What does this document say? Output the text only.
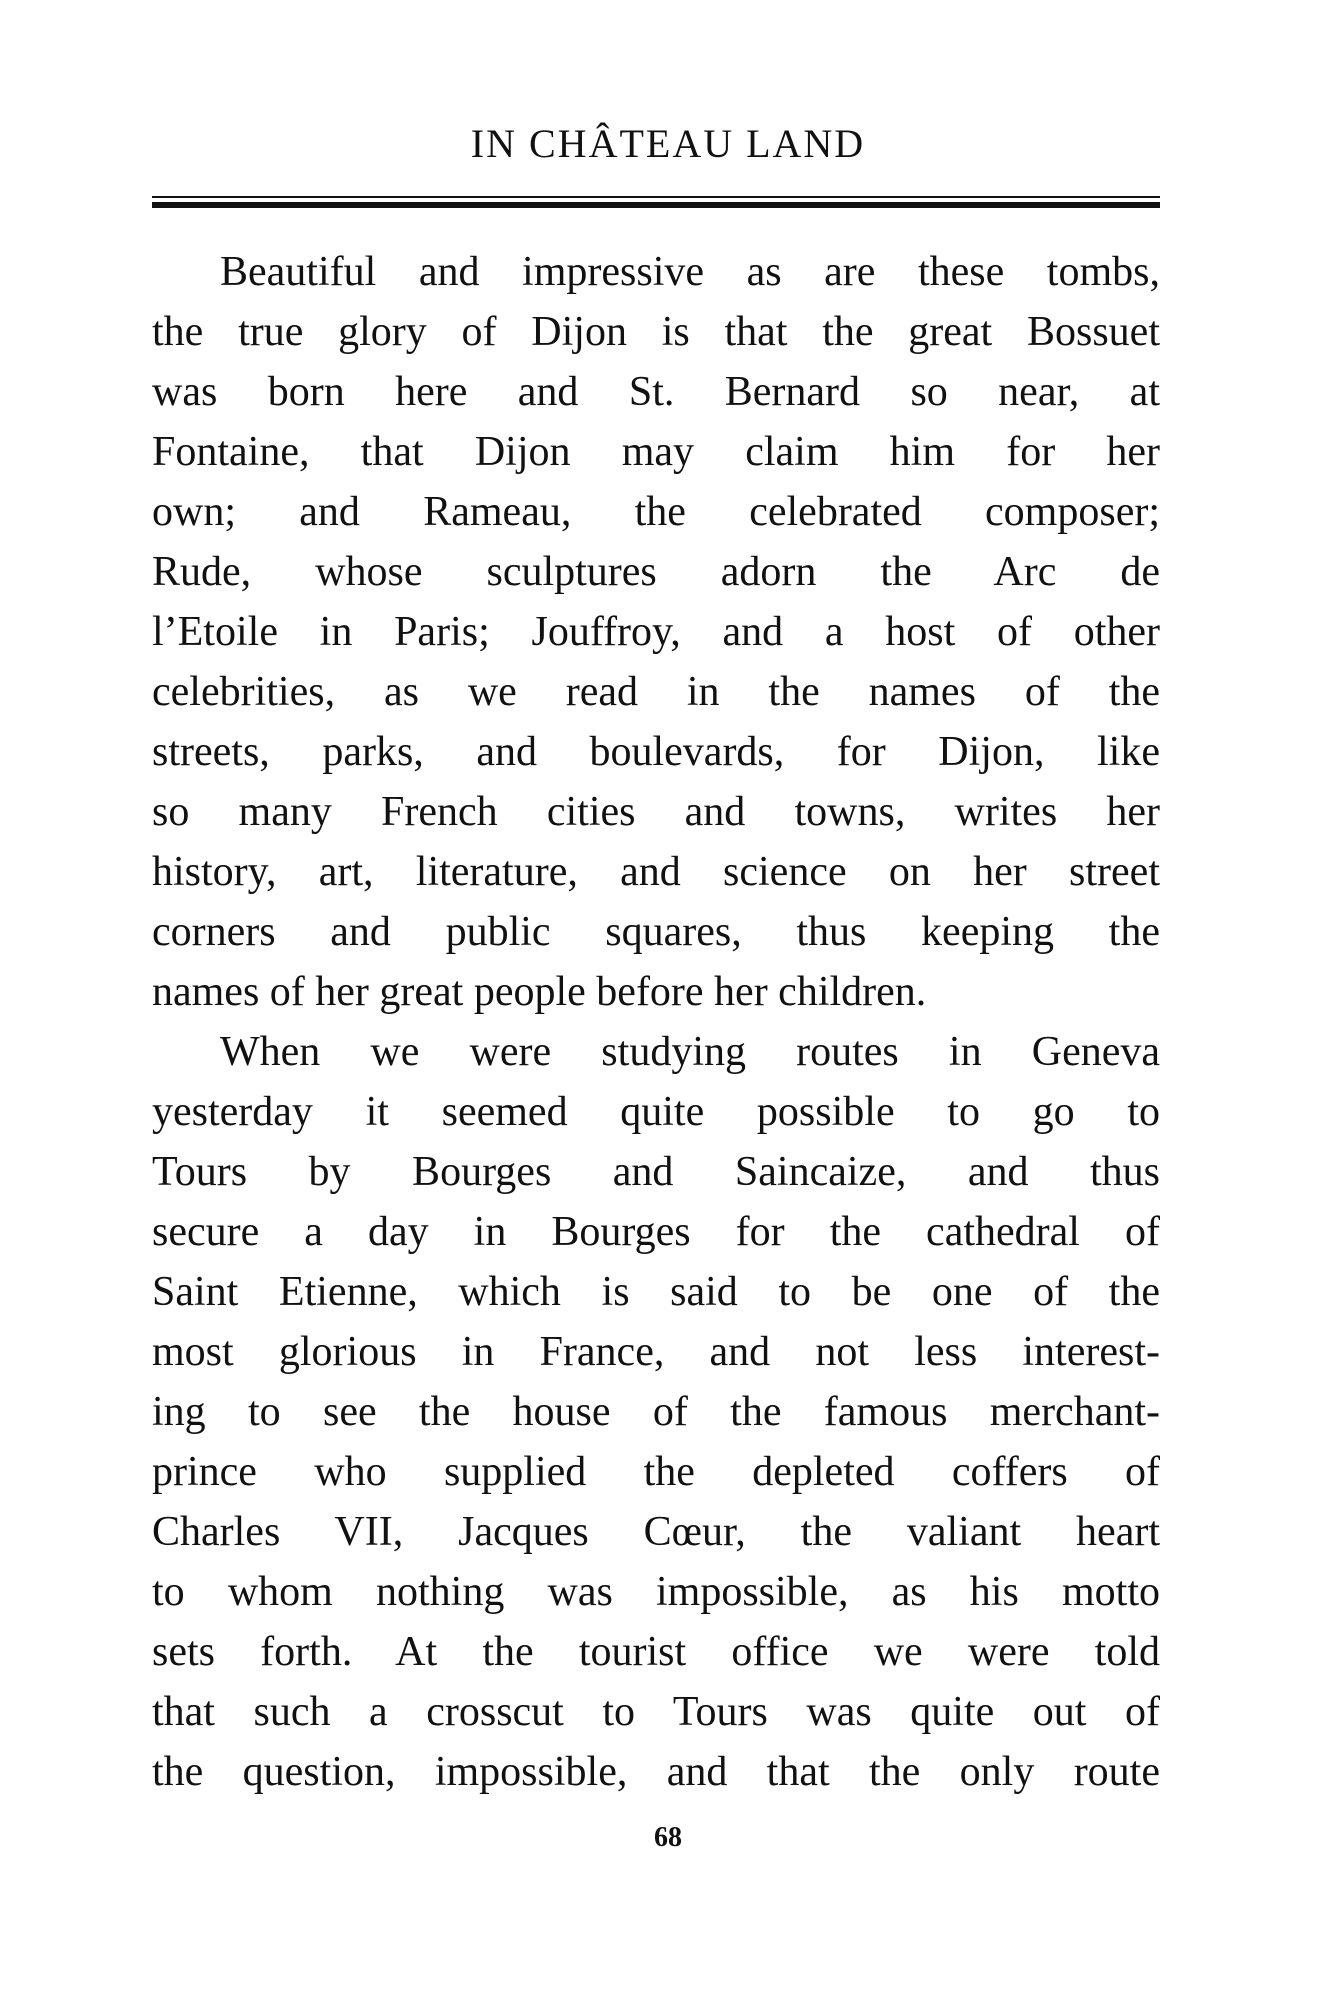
IN CHÂTEAU LAND
Beautiful and impressive as are these tombs,
the true glory of Dijon is that the great Bossuet
was born here and St. Bernard so near, at
Fontaine, that Dijon may claim him for her
own; and Rameau, the celebrated composer;
Rude, whose sculptures adorn the Arc de
l’Etoile in Paris; Jouffroy, and a host of other
celebrities, as we read in the names of the
streets, parks, and boulevards, for Dijon, like
so many French cities and towns, writes her
history, art, literature, and science on her street
corners and public squares, thus keeping the
names of her great people before her children.
When we were studying routes in Geneva
yesterday it seemed quite possible to go to
Tours by Bourges and Saincaize, and thus
secure a day in Bourges for the cathedral of
Saint Etienne, which is said to be one of the
most glorious in France, and not less interest-
ing to see the house of the famous merchant-
prince who supplied the depleted coffers of
Charles VII, Jacques Cœur, the valiant heart
to whom nothing was impossible, as his motto
sets forth. At the tourist office we were told
that such a crosscut to Tours was quite out of
the question, impossible, and that the only route
68
